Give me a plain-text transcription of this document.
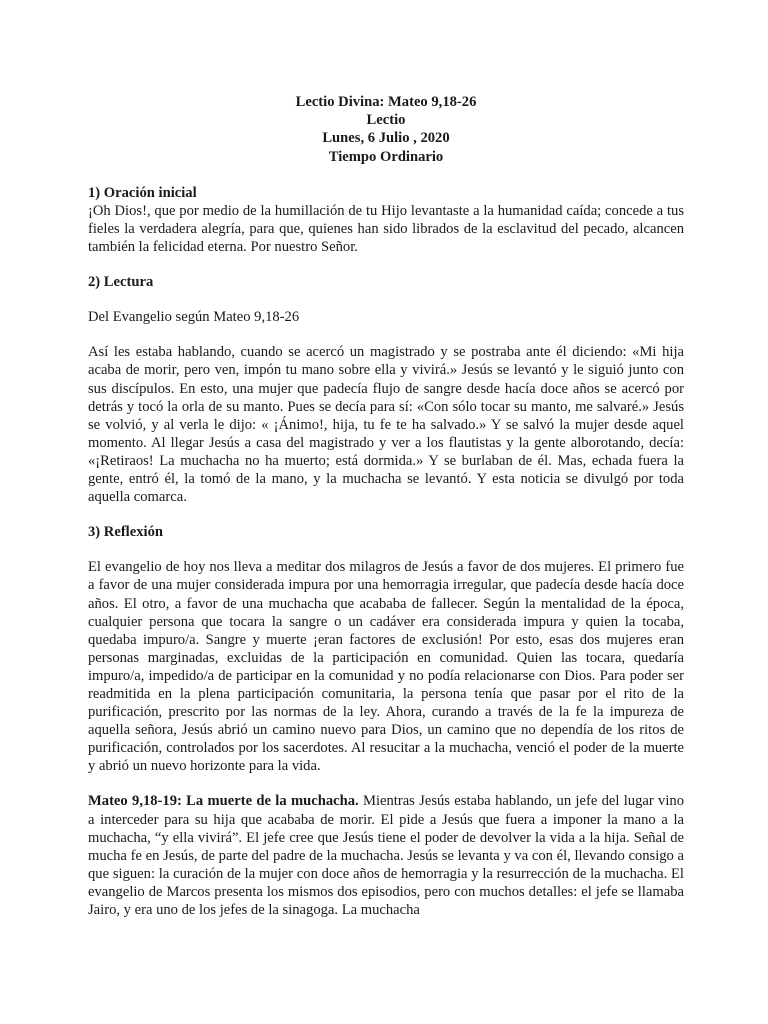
Lectio Divina: Mateo 9,18-26
Lectio
Lunes, 6 Julio , 2020
Tiempo Ordinario

1) Oración inicial

¡Oh Dios!, que por medio de la humillación de tu Hijo levantaste a la humanidad caída; concede a tus fieles la verdadera alegría, para que, quienes han sido librados de la esclavitud del pecado, alcancen también la felicidad eterna. Por nuestro Señor.

2) Lectura

Del Evangelio según Mateo 9,18-26

Así les estaba hablando, cuando se acercó un magistrado y se postraba ante él diciendo: «Mi hija acaba de morir, pero ven, impón tu mano sobre ella y vivirá.» Jesús se levantó y le siguió junto con sus discípulos. En esto, una mujer que padecía flujo de sangre desde hacía doce años se acercó por detrás y tocó la orla de su manto. Pues se decía para sí: «Con sólo tocar su manto, me salvaré.» Jesús se volvió, y al verla le dijo: « ¡Ánimo!, hija, tu fe te ha salvado.» Y se salvó la mujer desde aquel momento. Al llegar Jesús a casa del magistrado y ver a los flautistas y la gente alborotando, decía: «¡Retiraos! La muchacha no ha muerto; está dormida.» Y se burlaban de él. Mas, echada fuera la gente, entró él, la tomó de la mano, y la muchacha se levantó. Y esta noticia se divulgó por toda aquella comarca.

3) Reflexión

El evangelio de hoy nos lleva a meditar dos milagros de Jesús a favor de dos mujeres. El primero fue a favor de una mujer considerada impura por una hemorragia irregular, que padecía desde hacía doce años. El otro, a favor de una muchacha que acababa de fallecer. Según la mentalidad de la época, cualquier persona que tocara la sangre o un cadáver era considerada impura y quien la tocaba, quedaba impuro/a. Sangre y muerte ¡eran factores de exclusión! Por esto, esas dos mujeres eran personas marginadas, excluidas de la participación en comunidad. Quien las tocara, quedaría impuro/a, impedido/a de participar en la comunidad y no podía relacionarse con Dios. Para poder ser readmitida en la plena participación comunitaria, la persona tenía que pasar por el rito de la purificación, prescrito por las normas de la ley. Ahora, curando a través de la fe la impureza de aquella señora, Jesús abrió un camino nuevo para Dios, un camino que no dependía de los ritos de purificación, controlados por los sacerdotes. Al resucitar a la muchacha, venció el poder de la muerte y abrió un nuevo horizonte para la vida.

Mateo 9,18-19: La muerte de la muchacha. Mientras Jesús estaba hablando, un jefe del lugar vino a interceder para su hija que acababa de morir. El pide a Jesús que fuera a imponer la mano a la muchacha, “y ella vivirá”. El jefe cree que Jesús tiene el poder de devolver la vida a la hija. Señal de mucha fe en Jesús, de parte del padre de la muchacha. Jesús se levanta y va con él, llevando consigo a que siguen: la curación de la mujer con doce años de hemorragia y la resurrección de la muchacha. El evangelio de Marcos presenta los mismos dos episodios, pero con muchos detalles: el jefe se llamaba Jairo, y era uno de los jefes de la sinagoga. La muchacha
